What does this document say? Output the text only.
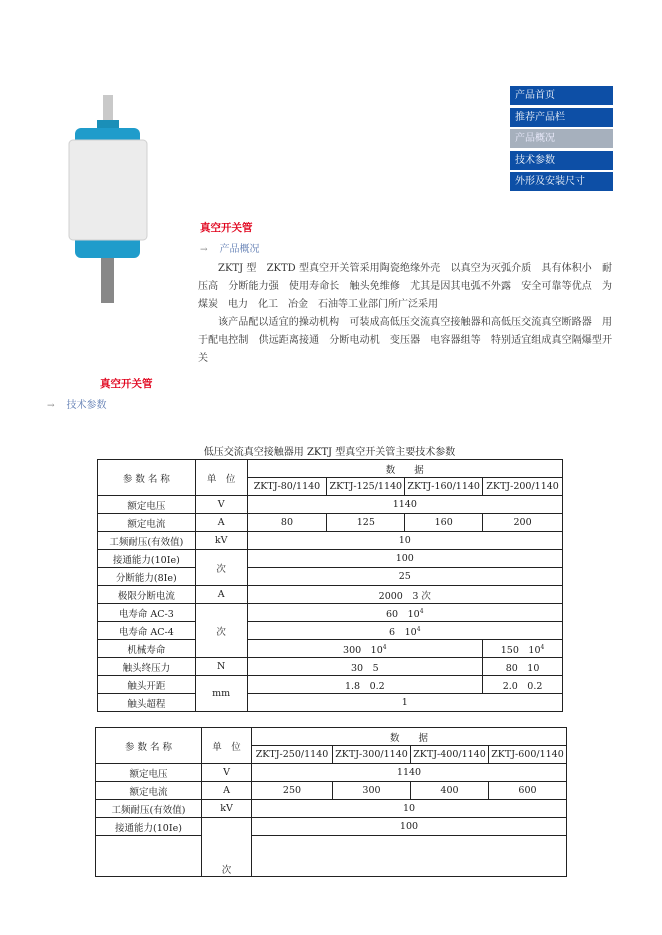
产品首页
推荐产品栏
产品概况
技术参数
外形及安装尺寸
真空开关管
→ 产品概况

ZKTJ 型　ZKTD 型真空开关管采用陶瓷绝缘外壳　以真空为灭弧介质　具有体积小　耐压高　分断能力强　使用寿命长　触头免维修　尤其是因其电弧不外露　安全可靠等优点　为煤炭　电力　化工　冶金　石油等工业部门所广泛采用

该产品配以适宜的操动机构　可装成高低压交流真空接触器和高低压交流真空断路器　用于配电控制　供远距离接通　分断电动机　变压器　电容器组等　特别适宜组成真空隔爆型开关

真空开关管
→ 技术参数
低压交流真空接触器用 ZKTJ 型真空开关管主要技术参数
参 数 名 称	单　位	数　　据			
		ZKTJ-80/1140	ZKTJ-125/1140	ZKTJ-160/1140	ZKTJ-200/1140
额定电压	V	1140			
额定电流	A	80	125	160	200
工频耐压(有效值)	kV	10			
接通能力(10Ie)	次	100			
分断能力(8Ie)		25			
极限分断电流	A	2000　3 次			
电寿命 AC-3	次	60　$10^4$
电寿命 AC-4		6　$10^4$
机械寿命		300　$10^4$			150　$10^4$
触头终压力	N	30　5			80　10
触头开距	mm	1.8　0.2			2.0　0.2
触头超程		1			
参 数 名 称	单　位	数　　据			
		ZKTJ-250/1140	ZKTJ-300/1140	ZKTJ-400/1140	ZKTJ-600/1140
额定电压	V	1140			
额定电流	A	250	300	400	600
工频耐压(有效值)	kV	10			
接通能力(10Ie)	次	100			
